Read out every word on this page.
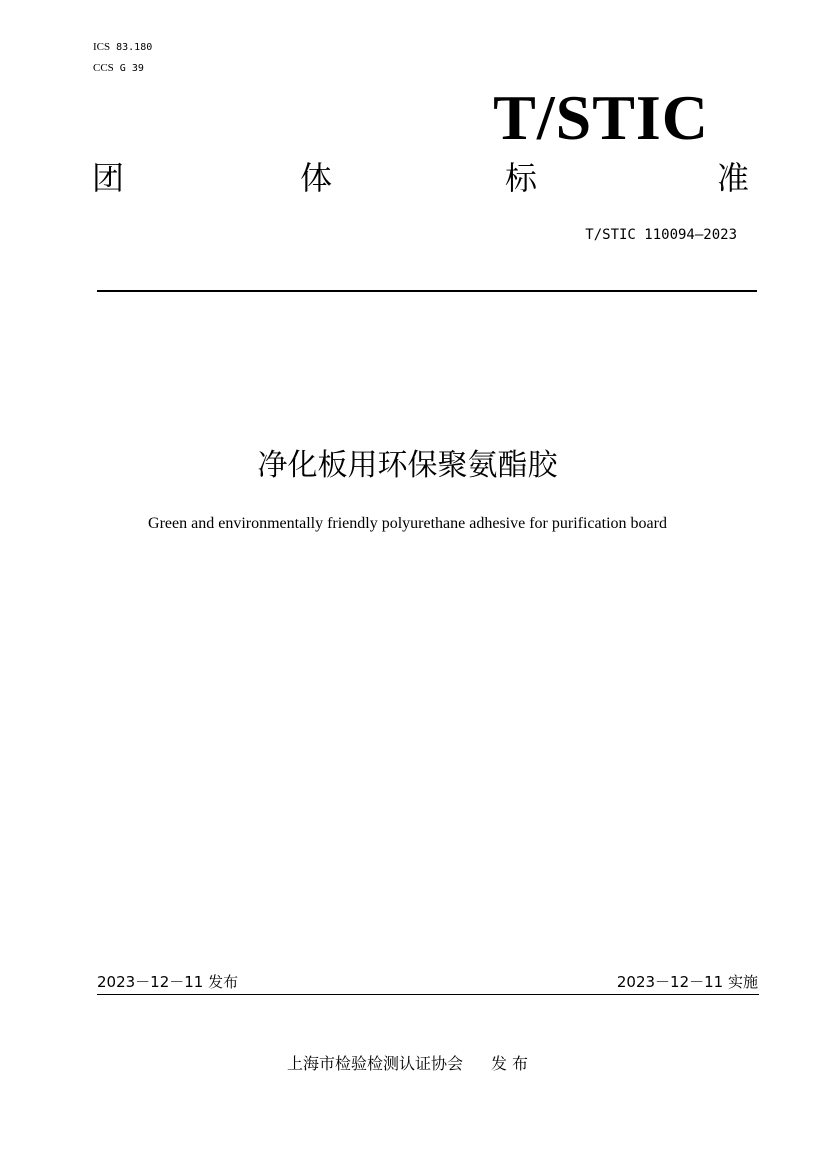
ICS 83.180
CCS G 39
T/STIC
团	体	标	准
T/STIC 110094—2023
净化板用环保聚氨酯胶
Green and environmentally friendly polyurethane adhesive for purification board
2023－12－11 发布	2023－12－11 实施
上海市检验检测认证协会 发 布
